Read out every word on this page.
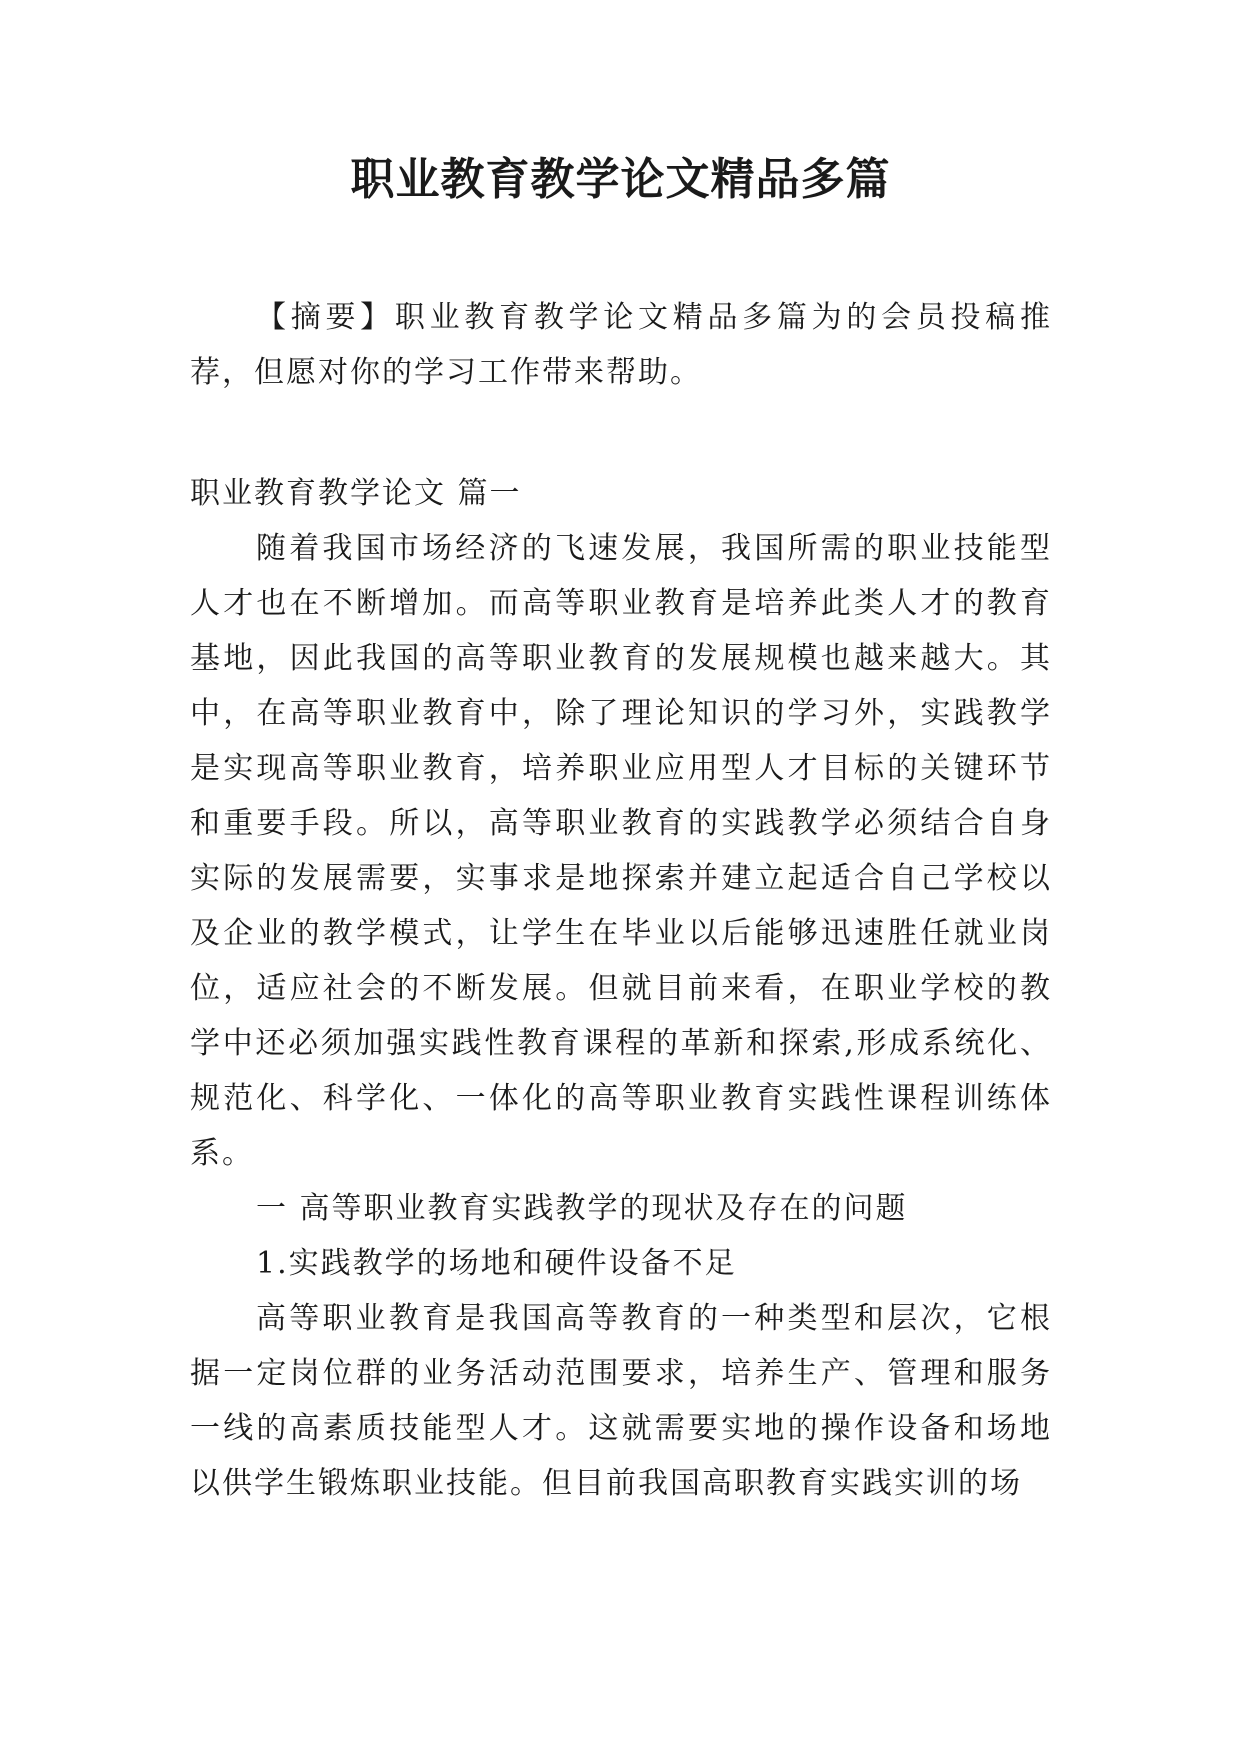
职业教育教学论文精品多篇

【摘要】职业教育教学论文精品多篇为的会员投稿推荐，但愿对你的学习工作带来帮助。

职业教育教学论文 篇一

随着我国市场经济的飞速发展，我国所需的职业技能型人才也在不断增加。而高等职业教育是培养此类人才的教育基地，因此我国的高等职业教育的发展规模也越来越大。其中，在高等职业教育中，除了理论知识的学习外，实践教学是实现高等职业教育，培养职业应用型人才目标的关键环节和重要手段。所以，高等职业教育的实践教学必须结合自身实际的发展需要，实事求是地探索并建立起适合自己学校以及企业的教学模式，让学生在毕业以后能够迅速胜任就业岗位，适应社会的不断发展。但就目前来看，在职业学校的教学中还必须加强实践性教育课程的革新和探索,形成系统化、规范化、科学化、一体化的高等职业教育实践性课程训练体系。

一 高等职业教育实践教学的现状及存在的问题

1.实践教学的场地和硬件设备不足

高等职业教育是我国高等教育的一种类型和层次，它根据一定岗位群的业务活动范围要求，培养生产、管理和服务一线的高素质技能型人才。这就需要实地的操作设备和场地以供学生锻炼职业技能。但目前我国高职教育实践实训的场
